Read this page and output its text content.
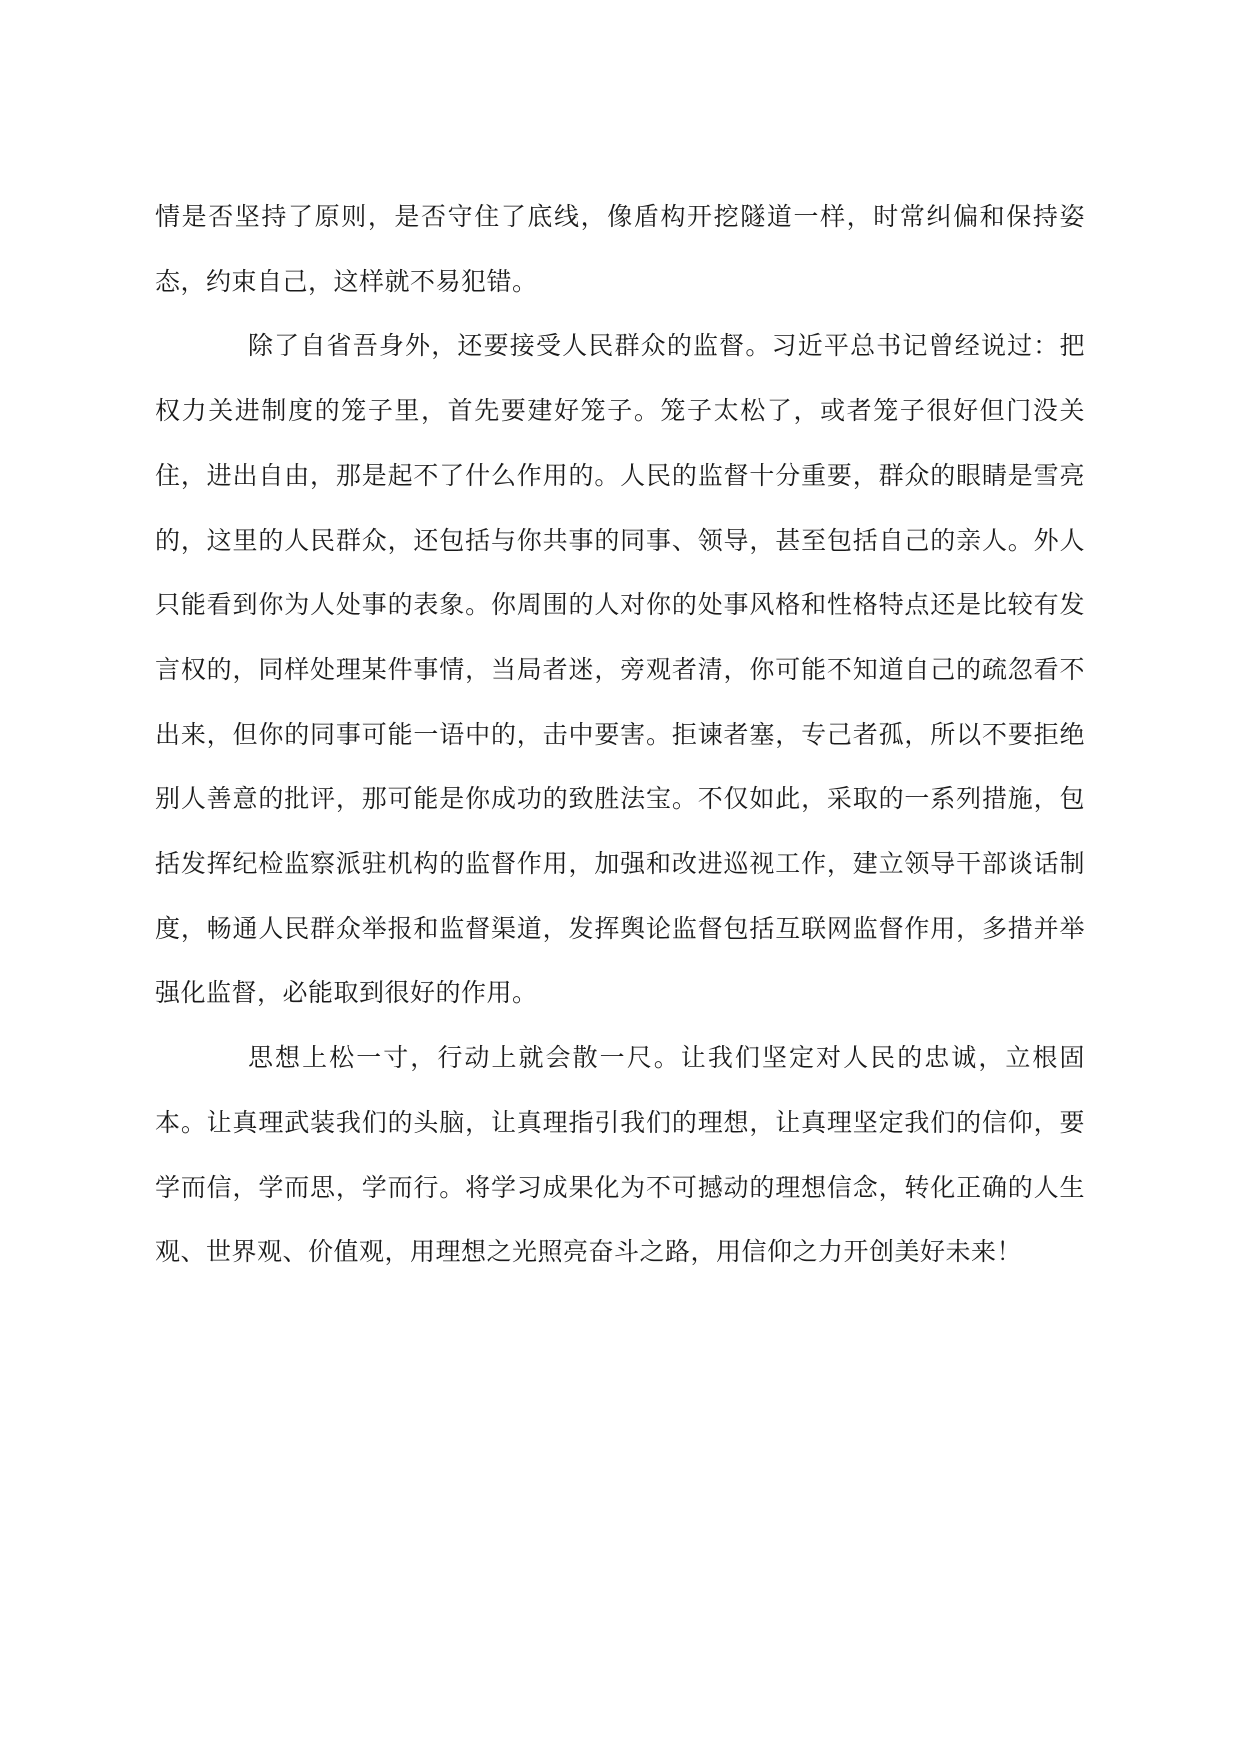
情是否坚持了原则，是否守住了底线，像盾构开挖隧道一样，时常纠偏和保持姿态，约束自己，这样就不易犯错。

除了自省吾身外，还要接受人民群众的监督。习近平总书记曾经说过：把权力关进制度的笼子里，首先要建好笼子。笼子太松了，或者笼子很好但门没关住，进出自由，那是起不了什么作用的。人民的监督十分重要，群众的眼睛是雪亮的，这里的人民群众，还包括与你共事的同事、领导，甚至包括自己的亲人。外人只能看到你为人处事的表象。你周围的人对你的处事风格和性格特点还是比较有发言权的，同样处理某件事情，当局者迷，旁观者清，你可能不知道自己的疏忽看不出来，但你的同事可能一语中的，击中要害。拒谏者塞，专己者孤，所以不要拒绝别人善意的批评，那可能是你成功的致胜法宝。不仅如此，采取的一系列措施，包括发挥纪检监察派驻机构的监督作用，加强和改进巡视工作，建立领导干部谈话制度，畅通人民群众举报和监督渠道，发挥舆论监督包括互联网监督作用，多措并举强化监督，必能取到很好的作用。

思想上松一寸，行动上就会散一尺。让我们坚定对人民的忠诚，立根固本。让真理武装我们的头脑，让真理指引我们的理想，让真理坚定我们的信仰，要学而信，学而思，学而行。将学习成果化为不可撼动的理想信念，转化正确的人生观、世界观、价值观，用理想之光照亮奋斗之路，用信仰之力开创美好未来！
